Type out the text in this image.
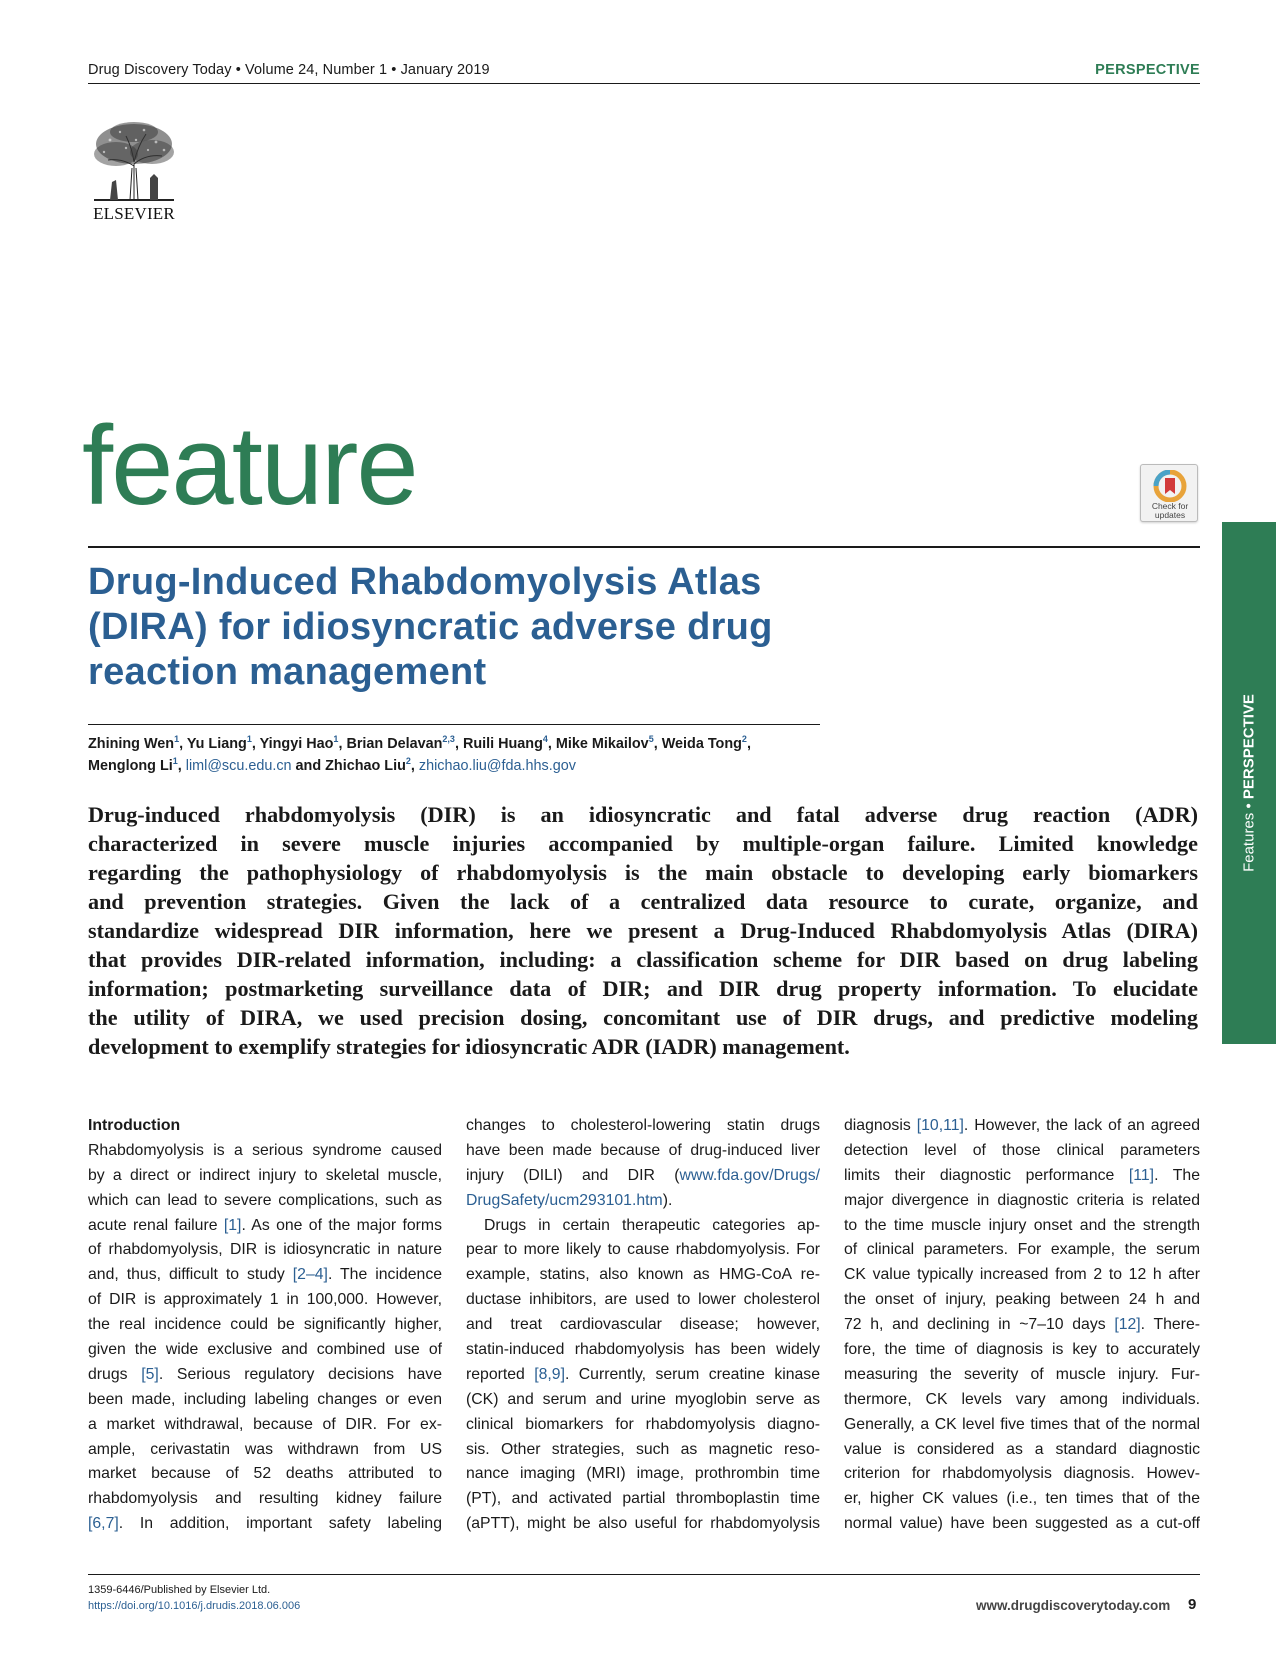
Drug Discovery Today • Volume 24, Number 1 • January 2019	PERSPECTIVE
ELSEVIER
feature	Check for
updates
Features • PERSPECTIVE
Drug-Induced Rhabdomyolysis Atlas
(DIRA) for idiosyncratic adverse drug
reaction management
Zhining Wen$^1$, Yu Liang$^1$, Yingyi Hao$^1$, Brian Delavan$^{2,3}$, Ruili Huang$^4$, Mike Mikailov$^5$, Weida Tong$^2$,
Menglong Li$^1$, liml@scu.edu.cn and Zhichao Liu$^2$, zhichao.liu@fda.hhs.gov
Drug-induced rhabdomyolysis (DIR) is an idiosyncratic and fatal adverse drug reaction (ADR)
characterized in severe muscle injuries accompanied by multiple-organ failure. Limited knowledge
regarding the pathophysiology of rhabdomyolysis is the main obstacle to developing early biomarkers
and prevention strategies. Given the lack of a centralized data resource to curate, organize, and
standardize widespread DIR information, here we present a Drug-Induced Rhabdomyolysis Atlas (DIRA)
that provides DIR-related information, including: a classification scheme for DIR based on drug labeling
information; postmarketing surveillance data of DIR; and DIR drug property information. To elucidate
the utility of DIRA, we used precision dosing, concomitant use of DIR drugs, and predictive modeling
development to exemplify strategies for idiosyncratic ADR (IADR) management.
Introduction
Rhabdomyolysis is a serious syndrome caused
by a direct or indirect injury to skeletal muscle,
which can lead to severe complications, such as
acute renal failure [1]. As one of the major forms
of rhabdomyolysis, DIR is idiosyncratic in nature
and, thus, difficult to study [2–4]. The incidence
of DIR is approximately 1 in 100,000. However,
the real incidence could be significantly higher,
given the wide exclusive and combined use of
drugs [5]. Serious regulatory decisions have
been made, including labeling changes or even
a market withdrawal, because of DIR. For ex-
ample, cerivastatin was withdrawn from US
market because of 52 deaths attributed to
rhabdomyolysis and resulting kidney failure
[6,7]. In addition, important safety labeling
changes to cholesterol-lowering statin drugs
have been made because of drug-induced liver
injury (DILI) and DIR (www.fda.gov/Drugs/
DrugSafety/ucm293101.htm).
Drugs in certain therapeutic categories ap-
pear to more likely to cause rhabdomyolysis. For
example, statins, also known as HMG-CoA re-
ductase inhibitors, are used to lower cholesterol
and treat cardiovascular disease; however,
statin-induced rhabdomyolysis has been widely
reported [8,9]. Currently, serum creatine kinase
(CK) and serum and urine myoglobin serve as
clinical biomarkers for rhabdomyolysis diagno-
sis. Other strategies, such as magnetic reso-
nance imaging (MRI) image, prothrombin time
(PT), and activated partial thromboplastin time
(aPTT), might be also useful for rhabdomyolysis
diagnosis [10,11]. However, the lack of an agreed
detection level of those clinical parameters
limits their diagnostic performance [11]. The
major divergence in diagnostic criteria is related
to the time muscle injury onset and the strength
of clinical parameters. For example, the serum
CK value typically increased from 2 to 12 h after
the onset of injury, peaking between 24 h and
72 h, and declining in ~7–10 days [12]. There-
fore, the time of diagnosis is key to accurately
measuring the severity of muscle injury. Fur-
thermore, CK levels vary among individuals.
Generally, a CK level five times that of the normal
value is considered as a standard diagnostic
criterion for rhabdomyolysis diagnosis. Howev-
er, higher CK values (i.e., ten times that of the
normal value) have been suggested as a cut-off
1359-6446/Published by Elsevier Ltd.
https://doi.org/10.1016/j.drudis.2018.06.006	www.drugdiscoverytoday.com 9
